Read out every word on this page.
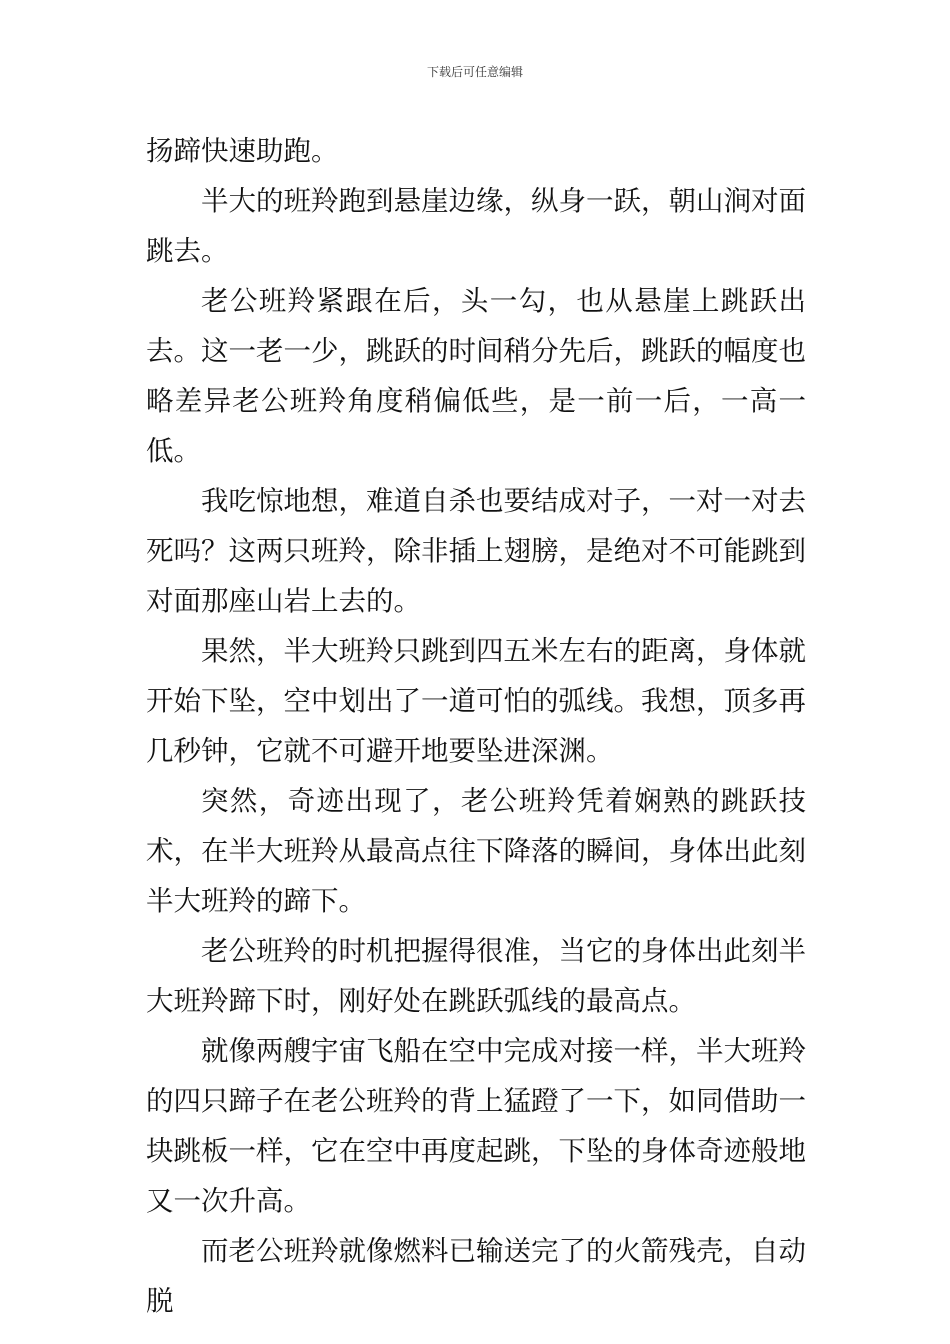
下载后可任意编辑

扬蹄快速助跑。

半大的班羚跑到悬崖边缘，纵身一跃，朝山涧对面跳去。

老公班羚紧跟在后，头一勾，也从悬崖上跳跃出去。这一老一少，跳跃的时间稍分先后，跳跃的幅度也略差异老公班羚角度稍偏低些，是一前一后，一高一低。

我吃惊地想，难道自杀也要结成对子，一对一对去死吗？这两只班羚，除非插上翅膀，是绝对不可能跳到对面那座山岩上去的。

果然，半大班羚只跳到四五米左右的距离，身体就开始下坠，空中划出了一道可怕的弧线。我想，顶多再几秒钟，它就不可避开地要坠进深渊。

突然，奇迹出现了，老公班羚凭着娴熟的跳跃技术，在半大班羚从最高点往下降落的瞬间，身体出此刻半大班羚的蹄下。

老公班羚的时机把握得很准，当它的身体出此刻半大班羚蹄下时，刚好处在跳跃弧线的最高点。

就像两艘宇宙飞船在空中完成对接一样，半大班羚的四只蹄子在老公班羚的背上猛蹬了一下，如同借助一块跳板一样，它在空中再度起跳，下坠的身体奇迹般地又一次升高。

而老公班羚就像燃料已输送完了的火箭残壳，自动脱
